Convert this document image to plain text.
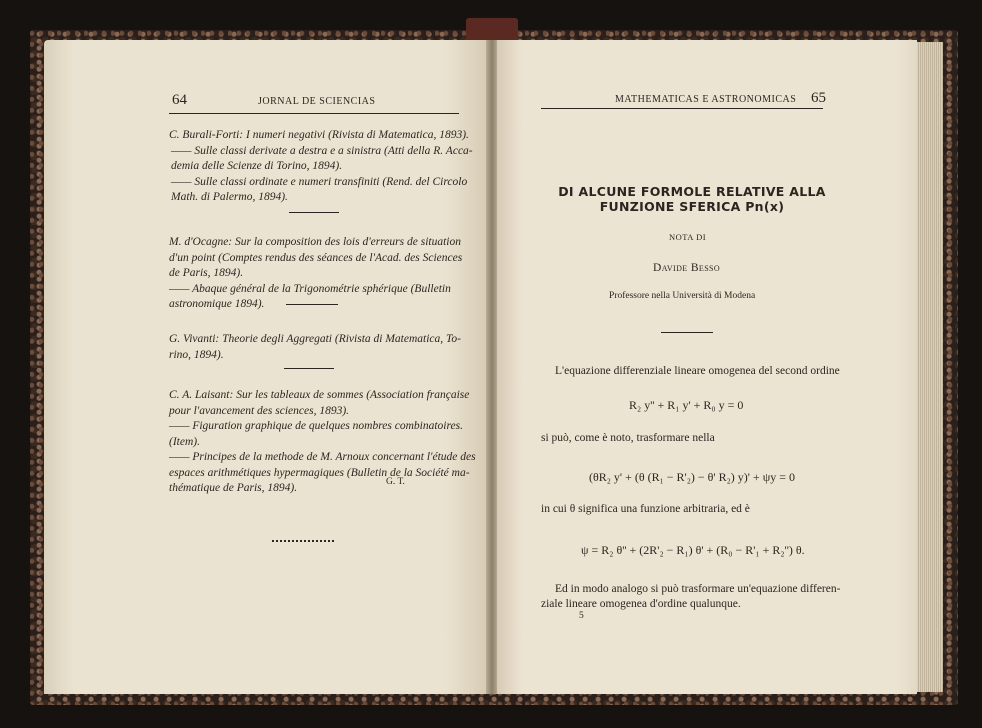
64	JORNAL DE SCIENCIAS
C. Burali-Forti: I numeri negativi (Rivista di Matematica, 1893).
—— Sulle classi derivate a destra e a sinistra (Atti della R. Acca-
demia delle Scienze di Torino, 1894).
—— Sulle classi ordinate e numeri transfiniti (Rend. del Circolo
Math. di Palermo, 1894).
M. d'Ocagne: Sur la composition des lois d'erreurs de situation
d'un point (Comptes rendus des séances de l'Acad. des Sciences
de Paris, 1894).
—— Abaque général de la Trigonométrie sphérique (Bulletin
astronomique 1894).
G. Vivanti: Theorie degli Aggregati (Rivista di Matematica, To-
rino, 1894).
C. A. Laisant: Sur les tableaux de sommes (Association française
pour l'avancement des sciences, 1893).
—— Figuration graphique de quelques nombres combinatoires.
(Item).
—— Principes de la methode de M. Arnoux concernant l'étude des
espaces arithmétiques hypermagiques (Bulletin de la Société ma-
thématique de Paris, 1894).	G. T.
MATHEMATICAS E ASTRONOMICAS 65
DI ALCUNE FORMOLE RELATIVE ALLA
FUNZIONE SFERICA Pn(x)
NOTA DI
Davide Besso
Professore nella Università di Modena
L'equazione differenziale lineare omogenea del second ordine
R₂ y'' + R₁ y' + R₀ y = 0
si può, come è noto, trasformare nella
(θR₂ y' + (θ (R₁ − R'₂) − θ' R₂) y)' + ψy = 0
in cui θ significa una funzione arbitraria, ed è
ψ = R₂ θ'' + (2R'₂ − R₁) θ' + (R₀ − R'₁ + R₂'') θ.
Ed in modo analogo si può trasformare un'equazione differen-
ziale lineare omogenea d'ordine qualunque.
5
